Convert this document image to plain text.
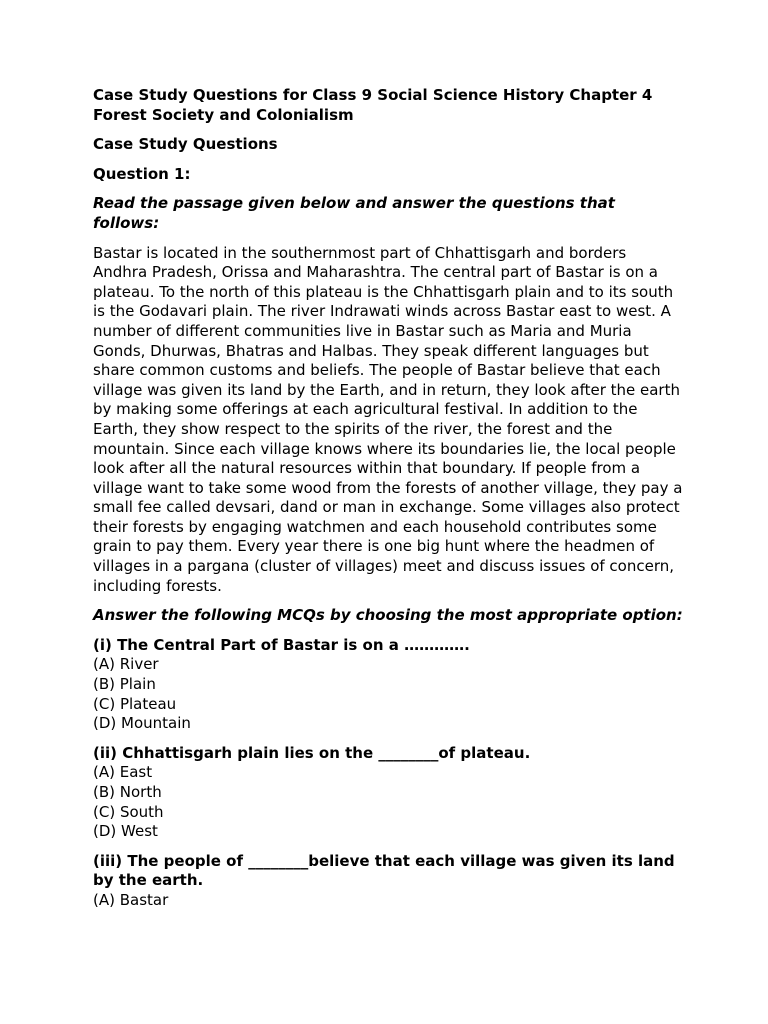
Case Study Questions for Class 9 Social Science History Chapter 4 Forest Society and Colonialism

Case Study Questions

Question 1:

Read the passage given below and answer the questions that follows:

Bastar is located in the southernmost part of Chhattisgarh and borders Andhra Pradesh, Orissa and Maharashtra. The central part of Bastar is on a plateau. To the north of this plateau is the Chhattisgarh plain and to its south is the Godavari plain. The river Indrawati winds across Bastar east to west. A number of different communities live in Bastar such as Maria and Muria Gonds, Dhurwas, Bhatras and Halbas. They speak different languages but share common customs and beliefs. The people of Bastar believe that each village was given its land by the Earth, and in return, they look after the earth by making some offerings at each agricultural festival. In addition to the Earth, they show respect to the spirits of the river, the forest and the mountain. Since each village knows where its boundaries lie, the local people look after all the natural resources within that boundary. If people from a village want to take some wood from the forests of another village, they pay a small fee called devsari, dand or man in exchange. Some villages also protect their forests by engaging watchmen and each household contributes some grain to pay them. Every year there is one big hunt where the headmen of villages in a pargana (cluster of villages) meet and discuss issues of concern, including forests.

Answer the following MCQs by choosing the most appropriate option:

(i) The Central Part of Bastar is on a ………….
(A) River
(B) Plain
(C) Plateau
(D) Mountain
(ii) Chhattisgarh plain lies on the ________of plateau.
(A) East
(B) North
(C) South
(D) West
(iii) The people of ________believe that each village was given its land by the earth.
(A) Bastar
